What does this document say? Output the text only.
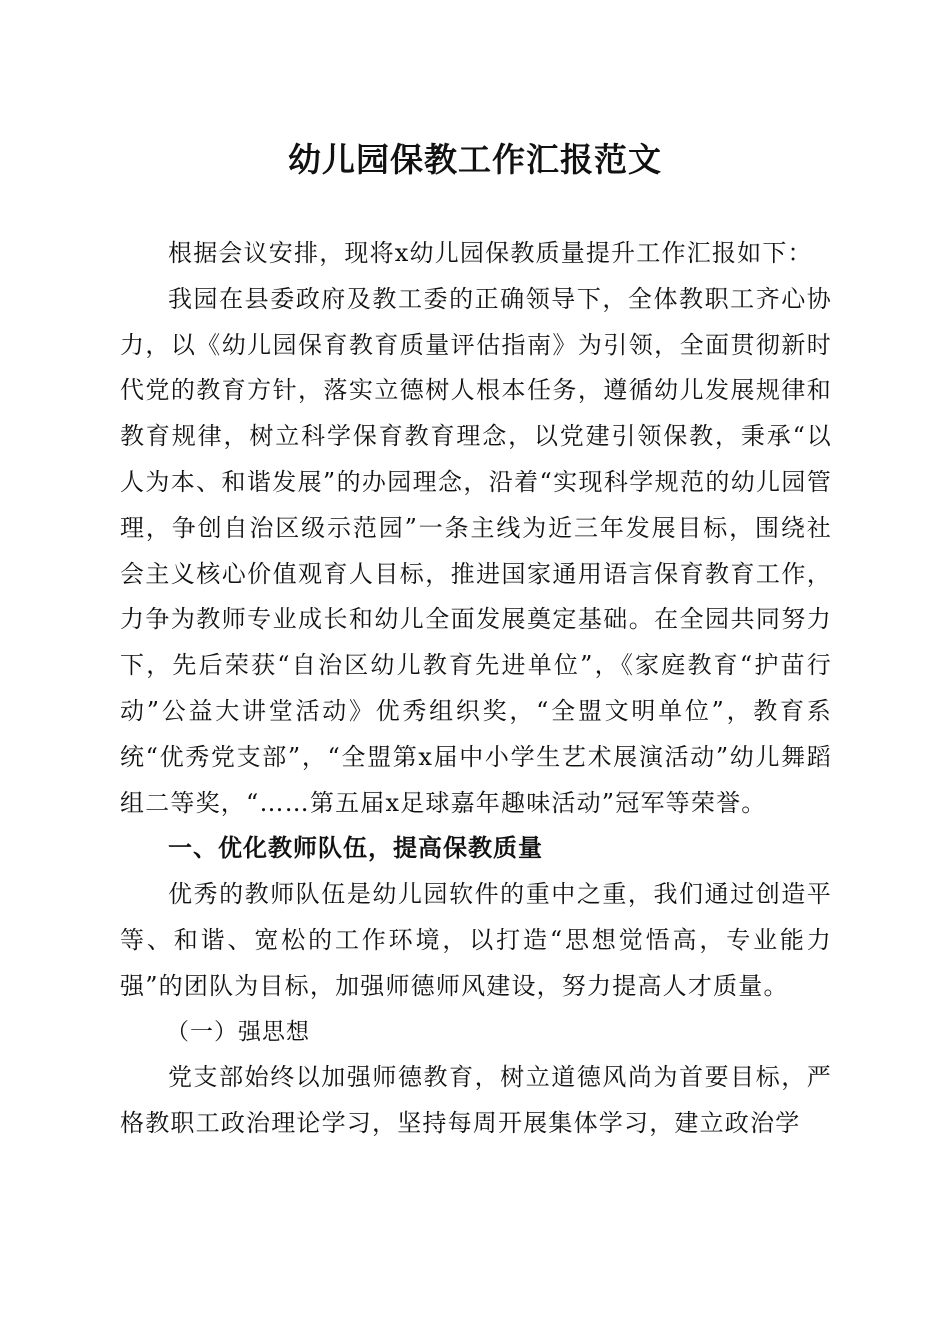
幼儿园保教工作汇报范文

根据会议安排，现将x幼儿园保教质量提升工作汇报如下：

我园在县委政府及教工委的正确领导下，全体教职工齐心协力，以《幼儿园保育教育质量评估指南》为引领，全面贯彻新时代党的教育方针，落实立德树人根本任务，遵循幼儿发展规律和教育规律，树立科学保育教育理念，以党建引领保教，秉承“以人为本、和谐发展”的办园理念，沿着“实现科学规范的幼儿园管理，争创自治区级示范园”一条主线为近三年发展目标，围绕社会主义核心价值观育人目标，推进国家通用语言保育教育工作，力争为教师专业成长和幼儿全面发展奠定基础。在全园共同努力下，先后荣获“自治区幼儿教育先进单位”，《家庭教育“护苗行动”公益大讲堂活动》优秀组织奖，“全盟文明单位”，教育系统“优秀党支部”，“全盟第x届中小学生艺术展演活动”幼儿舞蹈组二等奖，“……第五届x足球嘉年趣味活动”冠军等荣誉。

一、优化教师队伍，提高保教质量

优秀的教师队伍是幼儿园软件的重中之重，我们通过创造平等、和谐、宽松的工作环境，以打造“思想觉悟高，专业能力强”的团队为目标，加强师德师风建设，努力提高人才质量。

（一）强思想

党支部始终以加强师德教育，树立道德风尚为首要目标，严格教职工政治理论学习，坚持每周开展集体学习，建立政治学
